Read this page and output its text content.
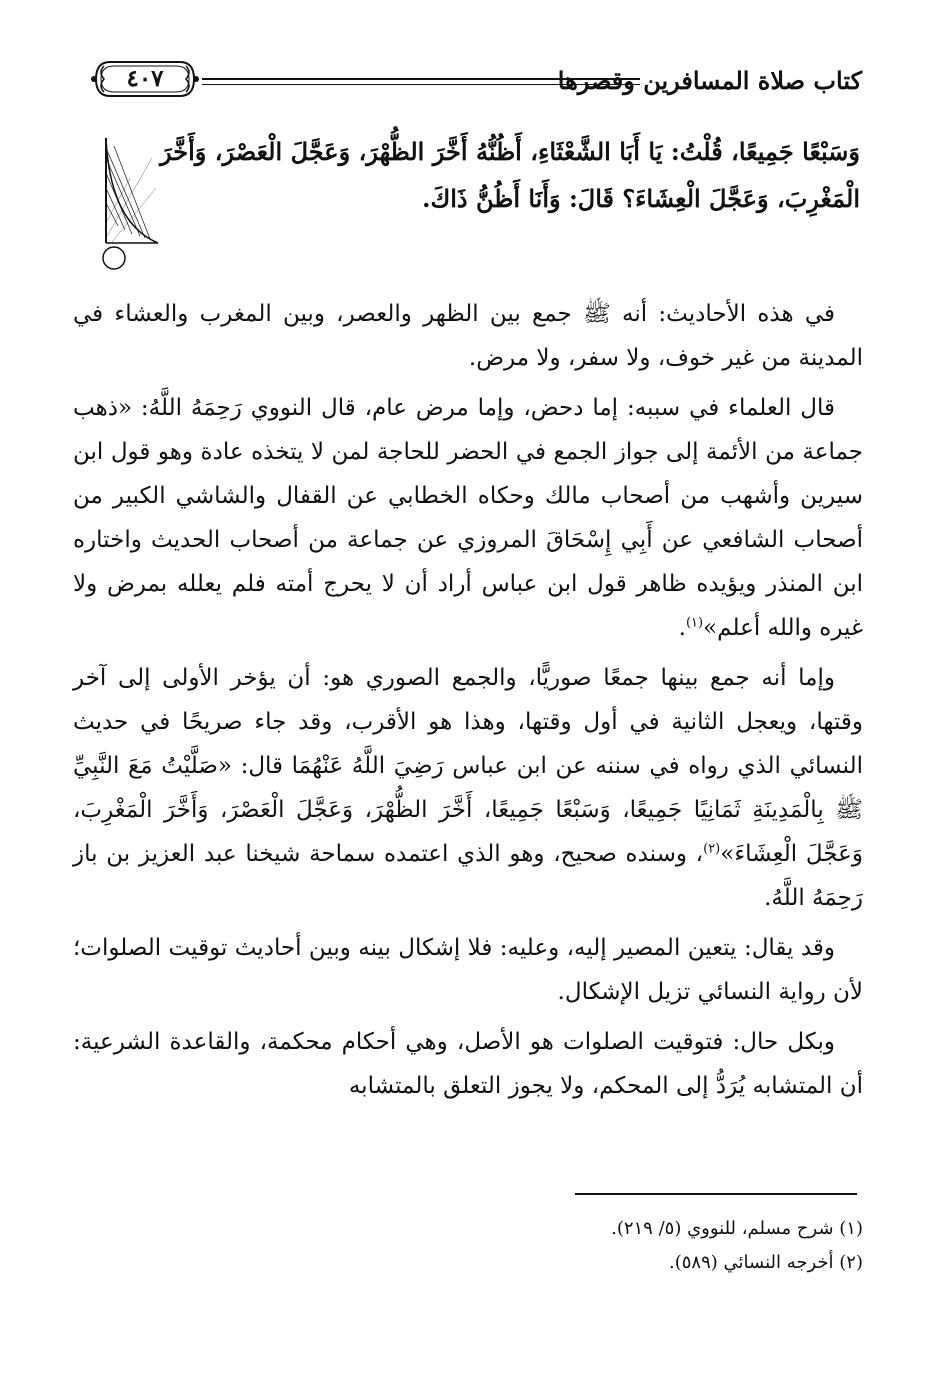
كتاب صلاة المسافرين وقصرها
٤٠٧
وَسَبْعًا جَمِيعًا، قُلْتُ: يَا أَبَا الشَّعْثَاءِ، أَظُنُّهُ أَخَّرَ الظُّهْرَ، وَعَجَّلَ الْعَصْرَ، وَأَخَّرَ الْمَغْرِبَ، وَعَجَّلَ الْعِشَاءَ؟ قَالَ: وَأَنَا أَظُنُّ ذَاكَ.

في هذه الأحاديث: أنه ﷺ جمع بين الظهر والعصر، وبين المغرب والعشاء في المدينة من غير خوف، ولا سفر، ولا مرض.

قال العلماء في سببه: إما دحض، وإما مرض عام، قال النووي رَحِمَهُ اللَّهُ: «ذهب جماعة من الأئمة إلى جواز الجمع في الحضر للحاجة لمن لا يتخذه عادة وهو قول ابن سيرين وأشهب من أصحاب مالك وحكاه الخطابي عن القفال والشاشي الكبير من أصحاب الشافعي عن أَبِي إِسْحَاقَ المروزي عن جماعة من أصحاب الحديث واختاره ابن المنذر ويؤيده ظاهر قول ابن عباس أراد أن لا يحرج أمته فلم يعلله بمرض ولا غيره والله أعلم»$^{(١)}$.

وإما أنه جمع بينها جمعًا صوريًّا، والجمع الصوري هو: أن يؤخر الأولى إلى آخر وقتها، ويعجل الثانية في أول وقتها، وهذا هو الأقرب، وقد جاء صريحًا في حديث النسائي الذي رواه في سننه عن ابن عباس رَضِيَ اللَّهُ عَنْهُمَا قال: «صَلَّيْتُ مَعَ النَّبِيِّ ﷺ بِالْمَدِينَةِ ثَمَانِيًا جَمِيعًا، وَسَبْعًا جَمِيعًا، أَخَّرَ الظُّهْرَ، وَعَجَّلَ الْعَصْرَ، وَأَخَّرَ الْمَغْرِبَ، وَعَجَّلَ الْعِشَاءَ»$^{(٢)}$، وسنده صحيح، وهو الذي اعتمده سماحة شيخنا عبد العزيز بن باز رَحِمَهُ اللَّهُ.

وقد يقال: يتعين المصير إليه، وعليه: فلا إشكال بينه وبين أحاديث توقيت الصلوات؛ لأن رواية النسائي تزيل الإشكال.

وبكل حال: فتوقيت الصلوات هو الأصل، وهي أحكام محكمة، والقاعدة الشرعية: أن المتشابه يُرَدُّ إلى المحكم، ولا يجوز التعلق بالمتشابه

(١) شرح مسلم، للنووي (٥/ ٢١٩).
(٢) أخرجه النسائي (٥٨٩).
